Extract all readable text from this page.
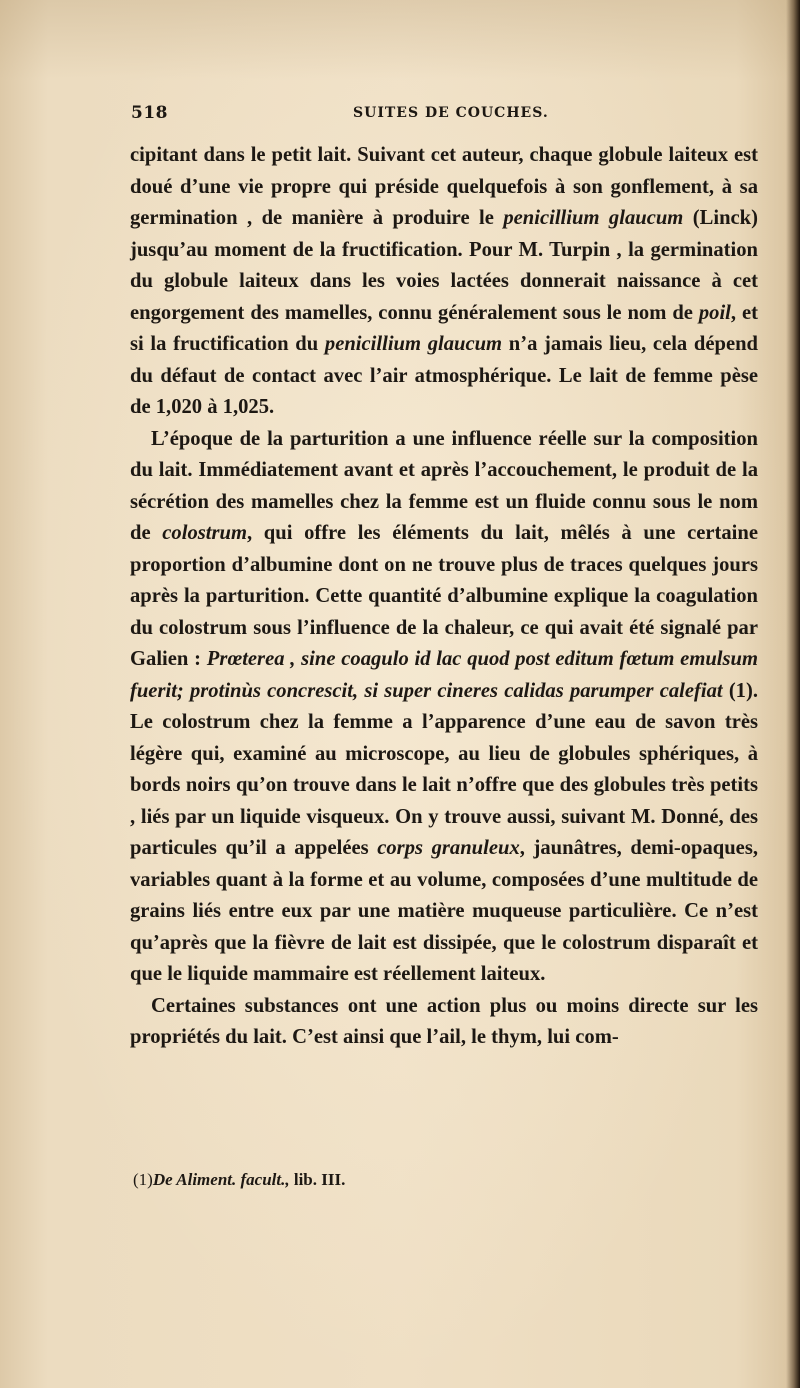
518	SUITES DE COUCHES.

cipitant dans le petit lait. Suivant cet auteur, chaque globule laiteux est doué d’une vie propre qui préside quelquefois à son gonflement, à sa germination , de manière à produire le penicillium glaucum (Linck) jusqu’au moment de la fructification. Pour M. Turpin , la germination du globule laiteux dans les voies lactées donnerait naissance à cet engorgement des mamelles, connu généralement sous le nom de poil, et si la fructification du penicillium glaucum n’a jamais lieu, cela dépend du défaut de contact avec l’air atmosphérique. Le lait de femme pèse de 1,020 à 1,025.

L’époque de la parturition a une influence réelle sur la composition du lait. Immédiatement avant et après l’accouchement, le produit de la sécrétion des mamelles chez la femme est un fluide connu sous le nom de colostrum, qui offre les éléments du lait, mêlés à une certaine proportion d’albumine dont on ne trouve plus de traces quelques jours après la parturition. Cette quantité d’albumine explique la coagulation du colostrum sous l’influence de la chaleur, ce qui avait été signalé par Galien : Prœterea , sine coagulo id lac quod post editum fœtum emulsum fuerit; protinùs concrescit, si super cineres calidas parumper calefiat (1). Le colostrum chez la femme a l’apparence d’une eau de savon très légère qui, examiné au microscope, au lieu de globules sphériques, à bords noirs qu’on trouve dans le lait n’offre que des globules très petits , liés par un liquide visqueux. On y trouve aussi, suivant M. Donné, des particules qu’il a appelées corps granuleux, jaunâtres, demi-opaques, variables quant à la forme et au volume, composées d’une multitude de grains liés entre eux par une matière muqueuse particulière. Ce n’est qu’après que la fièvre de lait est dissipée, que le colostrum disparaît et que le liquide mammaire est réellement laiteux.

Certaines substances ont une action plus ou moins directe sur les propriétés du lait. C’est ainsi que l’ail, le thym, lui com-

(1)De Aliment. facult., lib. III.
